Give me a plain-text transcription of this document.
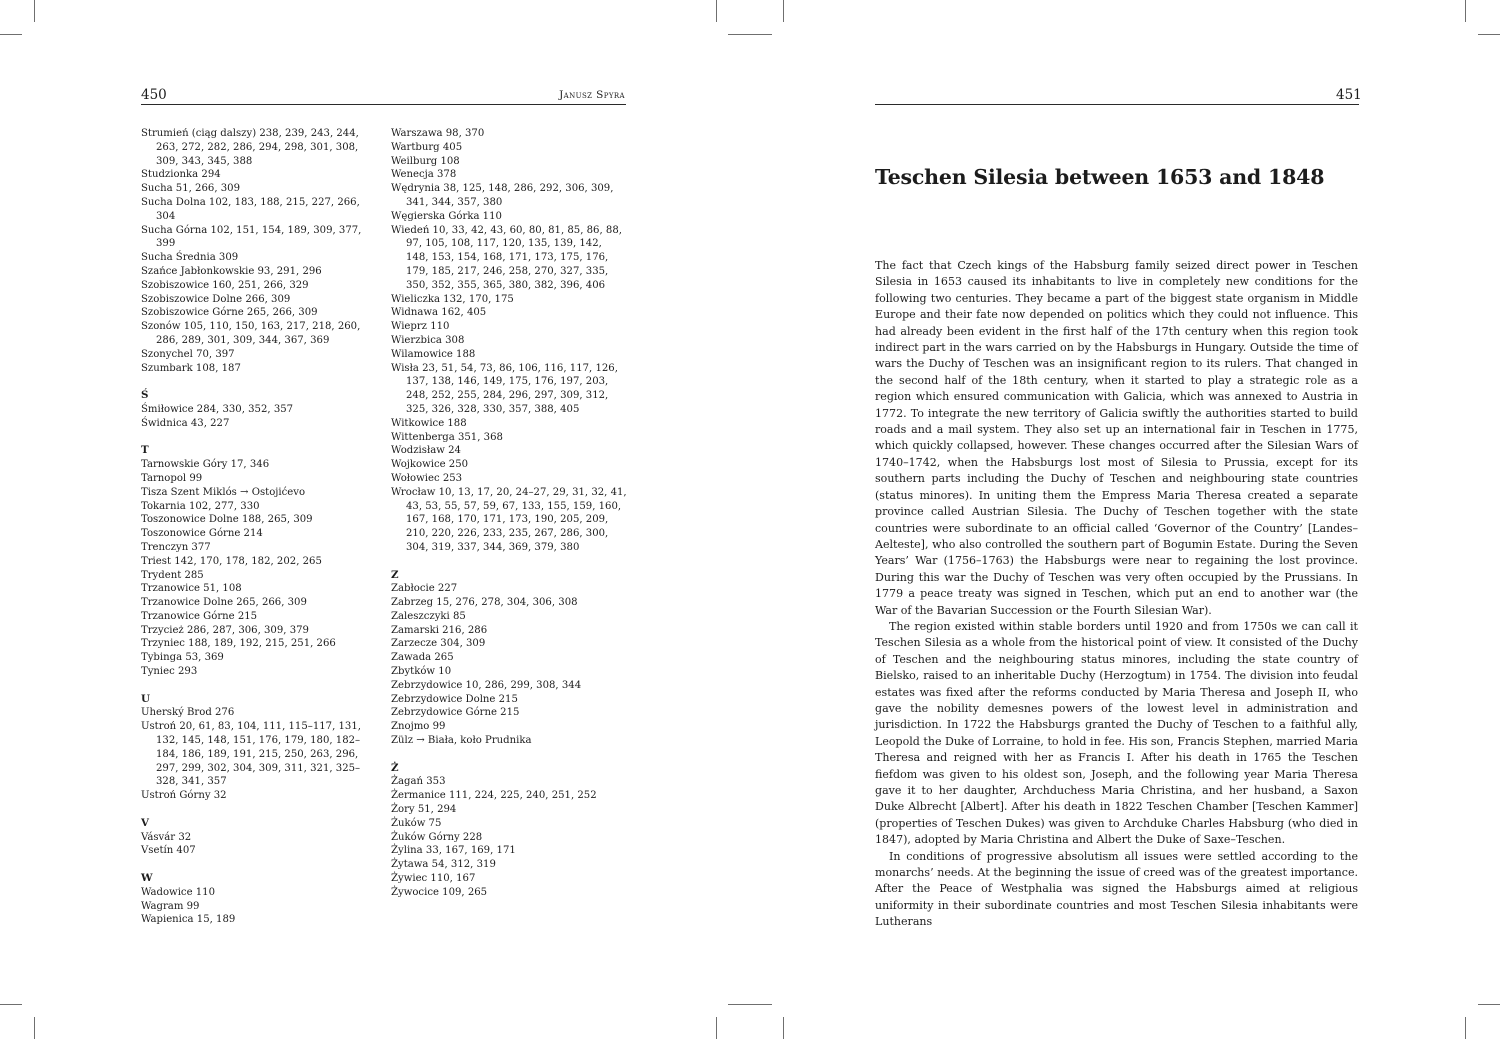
450	Janusz Spyra
Strumień (ciąg dalszy) 238, 239, 243, 244, 263, 272, 282, 286, 294, 298, 301, 308, 309, 343, 345, 388
Studzionka 294
Sucha 51, 266, 309
Sucha Dolna 102, 183, 188, 215, 227, 266, 304
Sucha Górna 102, 151, 154, 189, 309, 377, 399
Sucha Średnia 309
Szańce Jabłonkowskie 93, 291, 296
Szobiszowice 160, 251, 266, 329
Szobiszowice Dolne 266, 309
Szobiszowice Górne 265, 266, 309
Szonów 105, 110, 150, 163, 217, 218, 260, 286, 289, 301, 309, 344, 367, 369
Szonychel 70, 397
Szumbark 108, 187
Ś
Śmiłowice 284, 330, 352, 357
Świdnica 43, 227
T
Tarnowskie Góry 17, 346
Tarnopol 99
Tisza Szent Miklós → Ostojićevo
Tokarnia 102, 277, 330
Toszonowice Dolne 188, 265, 309
Toszonowice Górne 214
Trenczyn 377
Triest 142, 170, 178, 182, 202, 265
Trydent 285
Trzanowice 51, 108
Trzanowice Dolne 265, 266, 309
Trzanowice Górne 215
Trzycież 286, 287, 306, 309, 379
Trzyniec 188, 189, 192, 215, 251, 266
Tybinga 53, 369
Tyniec 293
U
Uherský Brod 276
Ustroń 20, 61, 83, 104, 111, 115–117, 131, 132, 145, 148, 151, 176, 179, 180, 182–184, 186, 189, 191, 215, 250, 263, 296, 297, 299, 302, 304, 309, 311, 321, 325–328, 341, 357
Ustroń Górny 32
V
Vásvár 32
Vsetín 407
W
Wadowice 110
Wagram 99
Wapienica 15, 189
Warszawa 98, 370
Wartburg 405
Weilburg 108
Wenecja 378
Wędrynia 38, 125, 148, 286, 292, 306, 309, 341, 344, 357, 380
Węgierska Górka 110
Wiedeń 10, 33, 42, 43, 60, 80, 81, 85, 86, 88, 97, 105, 108, 117, 120, 135, 139, 142, 148, 153, 154, 168, 171, 173, 175, 176, 179, 185, 217, 246, 258, 270, 327, 335, 350, 352, 355, 365, 380, 382, 396, 406
Wieliczka 132, 170, 175
Widnawa 162, 405
Wieprz 110
Wierzbica 308
Wilamowice 188
Wisła 23, 51, 54, 73, 86, 106, 116, 117, 126, 137, 138, 146, 149, 175, 176, 197, 203, 248, 252, 255, 284, 296, 297, 309, 312, 325, 326, 328, 330, 357, 388, 405
Witkowice 188
Wittenberga 351, 368
Wodzisław 24
Wojkowice 250
Wołowiec 253
Wrocław 10, 13, 17, 20, 24–27, 29, 31, 32, 41, 43, 53, 55, 57, 59, 67, 133, 155, 159, 160, 167, 168, 170, 171, 173, 190, 205, 209, 210, 220, 226, 233, 235, 267, 286, 300, 304, 319, 337, 344, 369, 379, 380
Z
Zabłocie 227
Zabrzeg 15, 276, 278, 304, 306, 308
Zaleszczyki 85
Zamarski 216, 286
Zarzecze 304, 309
Zawada 265
Zbytków 10
Zebrzydowice 10, 286, 299, 308, 344
Zebrzydowice Dolne 215
Zebrzydowice Górne 215
Znojmo 99
Zülz → Biała, koło Prudnika
Ż
Żagań 353
Żermanice 111, 224, 225, 240, 251, 252
Żory 51, 294
Żuków 75
Żuków Górny 228
Żylina 33, 167, 169, 171
Żytawa 54, 312, 319
Żywiec 110, 167
Żywocice 109, 265
451
Teschen Silesia between 1653 and 1848

The fact that Czech kings of the Habsburg family seized direct power in Teschen Silesia in 1653 caused its inhabitants to live in completely new conditions for the following two centuries. They became a part of the biggest state organism in Middle Europe and their fate now depended on politics which they could not influence. This had already been evident in the first half of the 17th century when this region took indirect part in the wars carried on by the Habsburgs in Hungary. Outside the time of wars the Duchy of Teschen was an insignificant region to its rulers. That changed in the second half of the 18th century, when it started to play a strategic role as a region which ensured communication with Galicia, which was annexed to Austria in 1772. To integrate the new territory of Galicia swiftly the authorities started to build roads and a mail system. They also set up an international fair in Teschen in 1775, which quickly collapsed, however. These changes occurred after the Silesian Wars of 1740–1742, when the Habsburgs lost most of Silesia to Prussia, except for its southern parts including the Duchy of Teschen and neighbouring state countries (status minores). In uniting them the Empress Maria Theresa created a separate province called Austrian Silesia. The Duchy of Teschen together with the state countries were subordinate to an official called ‘Governor of the Country’ [Landes–Aelteste], who also controlled the southern part of Bogumin Estate. During the Seven Years’ War (1756–1763) the Habsburgs were near to regaining the lost province. During this war the Duchy of Teschen was very often occupied by the Prussians. In 1779 a peace treaty was signed in Teschen, which put an end to another war (the War of the Bavarian Succession or the Fourth Silesian War).

The region existed within stable borders until 1920 and from 1750s we can call it Teschen Silesia as a whole from the historical point of view. It consisted of the Duchy of Teschen and the neighbouring status minores, including the state country of Bielsko, raised to an inheritable Duchy (Herzogtum) in 1754. The division into feudal estates was fixed after the reforms conducted by Maria Theresa and Joseph II, who gave the nobility demesnes powers of the lowest level in administration and jurisdiction. In 1722 the Habsburgs granted the Duchy of Teschen to a faithful ally, Leopold the Duke of Lorraine, to hold in fee. His son, Francis Stephen, married Maria Theresa and reigned with her as Francis I. After his death in 1765 the Teschen fiefdom was given to his oldest son, Joseph, and the following year Maria Theresa gave it to her daughter, Archduchess Maria Christina, and her husband, a Saxon Duke Albrecht [Albert]. After his death in 1822 Teschen Chamber [Teschen Kammer] (properties of Teschen Dukes) was given to Archduke Charles Habsburg (who died in 1847), adopted by Maria Christina and Albert the Duke of Saxe–Teschen.

In conditions of progressive absolutism all issues were settled according to the monarchs’ needs. At the beginning the issue of creed was of the greatest importance. After the Peace of Westphalia was signed the Habsburgs aimed at religious uniformity in their subordinate countries and most Teschen Silesia inhabitants were Lutherans
